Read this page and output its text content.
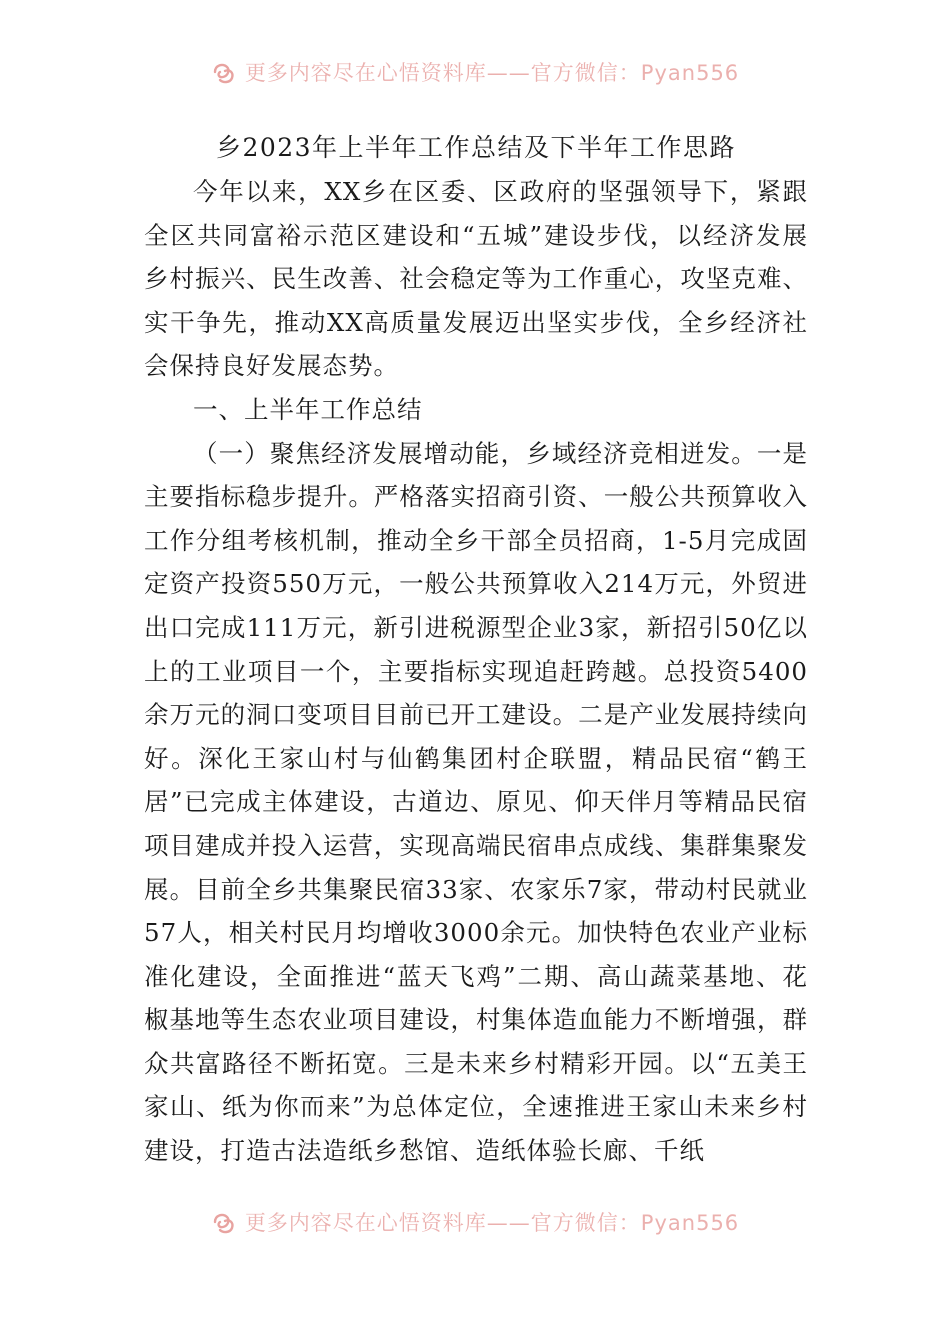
更多内容尽在心悟资料库——官方微信：Pyan556
乡2023年上半年工作总结及下半年工作思路

今年以来，XX乡在区委、区政府的坚强领导下，紧跟全区共同富裕示范区建设和“五城”建设步伐，以经济发展乡村振兴、民生改善、社会稳定等为工作重心，攻坚克难、实干争先，推动XX高质量发展迈出坚实步伐，全乡经济社会保持良好发展态势。

一、上半年工作总结

（一）聚焦经济发展增动能，乡域经济竞相迸发。一是主要指标稳步提升。严格落实招商引资、一般公共预算收入工作分组考核机制，推动全乡干部全员招商，1-5月完成固定资产投资550万元，一般公共预算收入214万元，外贸进出口完成111万元，新引进税源型企业3家，新招引50亿以上的工业项目一个，主要指标实现追赶跨越。总投资5400余万元的洞口变项目目前已开工建设。二是产业发展持续向好。深化王家山村与仙鹤集团村企联盟，精品民宿“鹤王居”已完成主体建设，古道边、原见、仰天伴月等精品民宿项目建成并投入运营，实现高端民宿串点成线、集群集聚发展。目前全乡共集聚民宿33家、农家乐7家，带动村民就业57人，相关村民月均增收3000余元。加快特色农业产业标准化建设，全面推进“蓝天飞鸡”二期、高山蔬菜基地、花椒基地等生态农业项目建设，村集体造血能力不断增强，群众共富路径不断拓宽。三是未来乡村精彩开园。以“五美王家山、纸为你而来”为总体定位，全速推进王家山未来乡村建设，打造古法造纸乡愁馆、造纸体验长廊、千纸

更多内容尽在心悟资料库——官方微信：Pyan556
